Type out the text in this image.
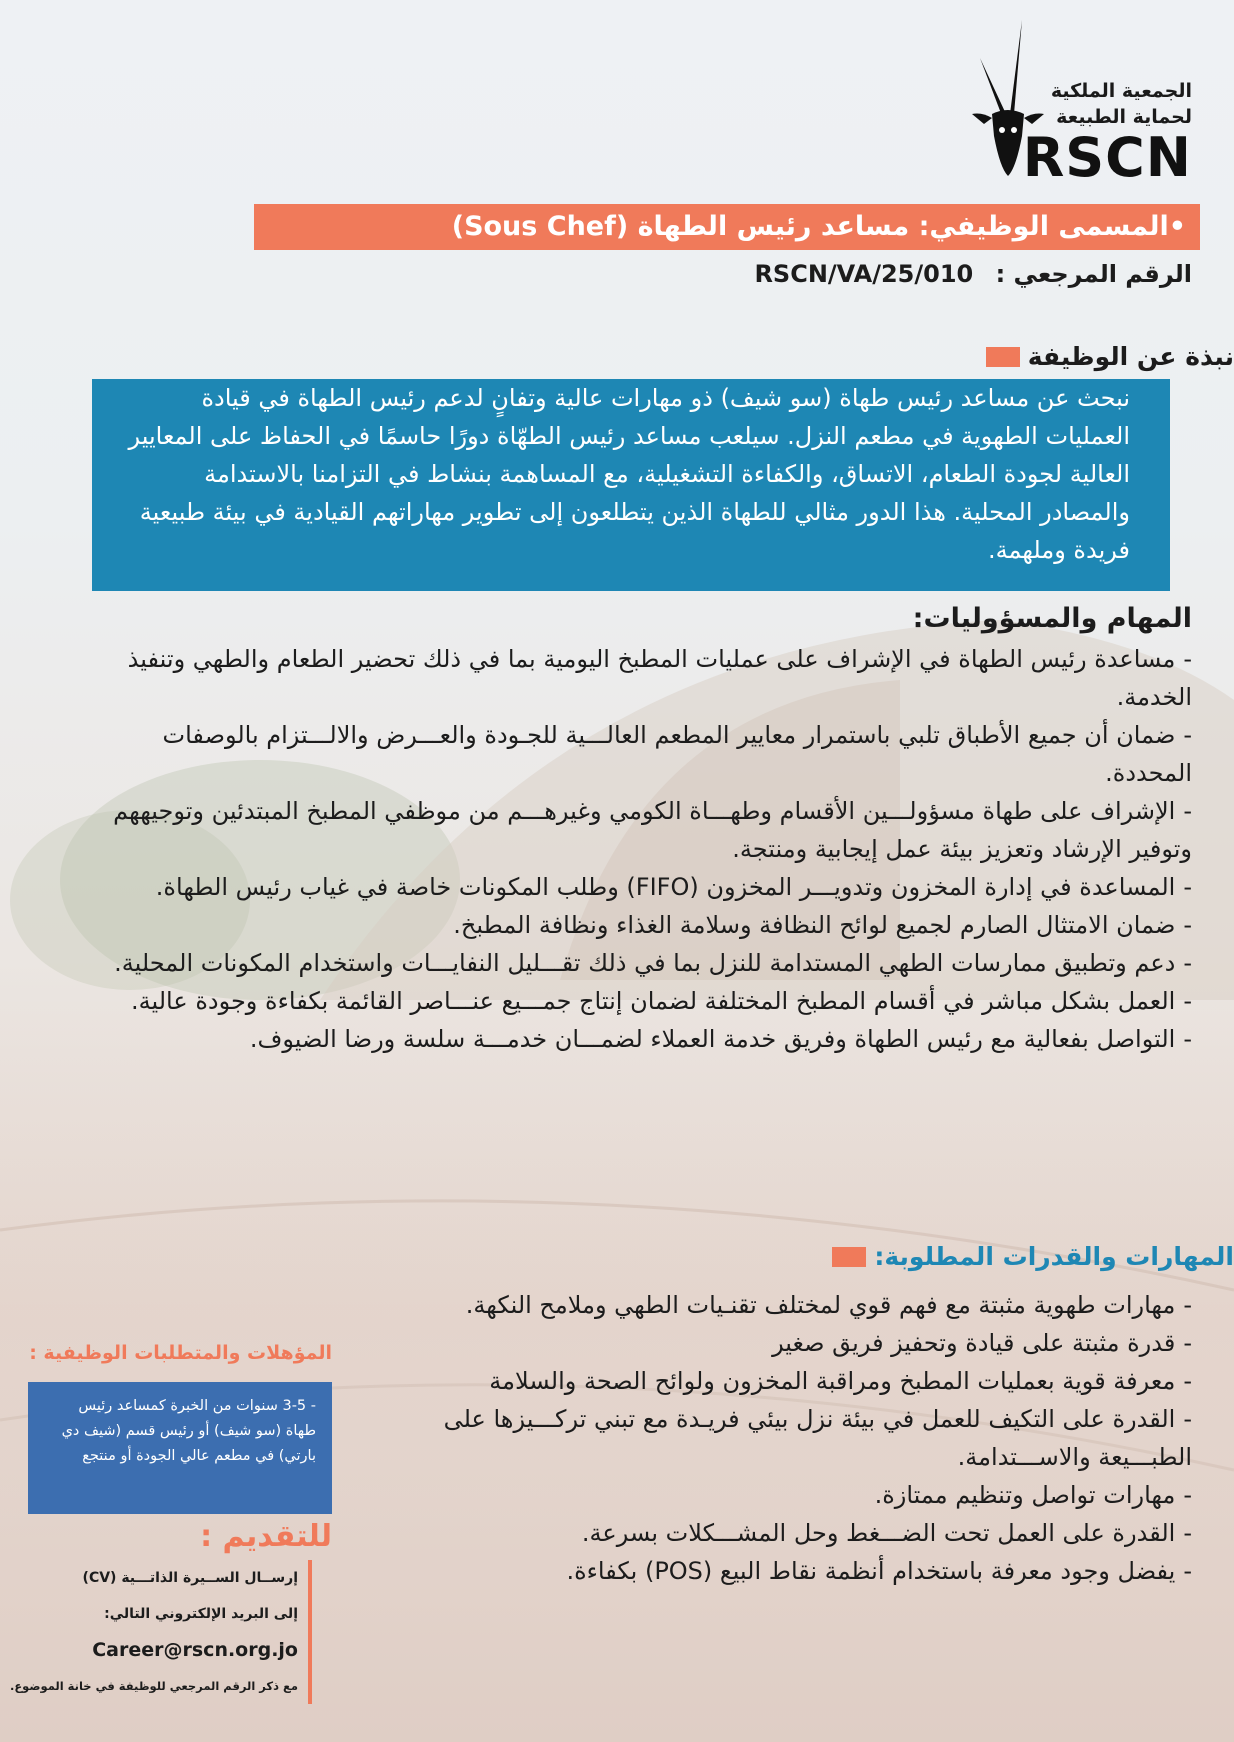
الجمعية الملكية
لحماية الطبيعة
RSCN
•المسمى الوظيفي: مساعد رئيس الطهاة (Sous Chef)
الرقم المرجعي : RSCN/VA/25/010
نبذة عن الوظيفة
نبحث عن مساعد رئيس طهاة (سو شيف) ذو مهارات عالية وتفانٍ لدعم رئيس الطهاة في قيادة العمليات الطهوية في مطعم النزل. سيلعب مساعد رئيس الطهّاة دورًا حاسمًا في الحفاظ على المعايير العالية لجودة الطعام، الاتساق، والكفاءة التشغيلية، مع المساهمة بنشاط في التزامنا بالاستدامة والمصادر المحلية. هذا الدور مثالي للطهاة الذين يتطلعون إلى تطوير مهاراتهم القيادية في بيئة طبيعية فريدة وملهمة.
المهام والمسؤوليات:
-مساعدة رئيس الطهاة في الإشراف على عمليات المطبخ اليومية بما في ذلك تحضير الطعام والطهي وتنفيذ الخدمة.
-ضمان أن جميع الأطباق تلبي باستمرار معايير المطعم العالـــية للجـودة والعـــرض والالـــتزام بالوصفات المحددة.
-الإشراف على طهاة مسؤولـــين الأقسام وطهـــاة الكومي وغيرهـــم من موظفي المطبخ المبتدئين وتوجيههم وتوفير الإرشاد وتعزيز بيئة عمل إيجابية ومنتجة.
-المساعدة في إدارة المخزون وتدويـــر المخزون (FIFO) وطلب المكونات خاصة في غياب رئيس الطهاة.
-ضمان الامتثال الصارم لجميع لوائح النظافة وسلامة الغذاء ونظافة المطبخ.
-دعم وتطبيق ممارسات الطهي المستدامة للنزل بما في ذلك تقـــليل النفايـــات واستخدام المكونات المحلية.
-العمل بشكل مباشر في أقسام المطبخ المختلفة لضمان إنتاج جمـــيع عنـــاصر القائمة بكفاءة وجودة عالية.
-التواصل بفعالية مع رئيس الطهاة وفريق خدمة العملاء لضمـــان خدمـــة سلسة ورضا الضيوف.
المهارات والقدرات المطلوبة:
-مهارات طهوية مثبتة مع فهم قوي لمختلف تقنـيات الطهي وملامح النكهة.
-قدرة مثبتة على قيادة وتحفيز فريق صغير
-معرفة قوية بعمليات المطبخ ومراقبة المخزون ولوائح الصحة والسلامة
-القدرة على التكيف للعمل في بيئة نزل بيئي فريـدة مع تبني تركـــيزها على الطبـــيعة والاســـتدامة.
-مهارات تواصل وتنظيم ممتازة.
-القدرة على العمل تحت الضـــغط وحل المشـــكلات بسرعة.
-يفضل وجود معرفة باستخدام أنظمة نقاط البيع (POS) بكفاءة.
المؤهلات والمتطلبات الوظيفية :
- 3-5 سنوات من الخبرة كمساعد رئيس طهاة (سو شيف) أو رئيس قسم (شيف دي بارتي) في مطعم عالي الجودة أو منتجع
للتقديم :
إرســال الســيرة الذاتـــية (CV)
إلى البريد الإلكتروني التالي:
Career@rscn.org.jo
مع ذكر الرقم المرجعي للوظيفة في خانة الموضوع.
